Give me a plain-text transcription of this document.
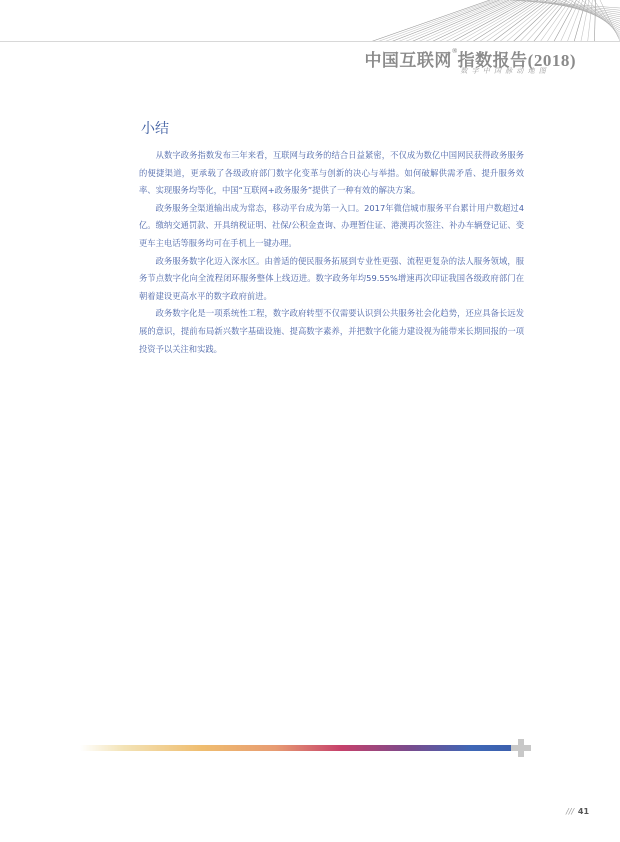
中国互联网®指数报告(2018)
数字中国脉动地图
小结

从数字政务指数发布三年来看，互联网与政务的结合日益紧密，不仅成为数亿中国网民获得政务服务的便捷渠道，更承载了各级政府部门数字化变革与创新的决心与举措。如何破解供需矛盾、提升服务效率、实现服务均等化，中国“互联网+政务服务”提供了一种有效的解决方案。

政务服务全渠道输出成为常态，移动平台成为第一入口。2017年微信城市服务平台累计用户数超过4亿。缴纳交通罚款、开具纳税证明、社保/公积金查询、办理暂住证、港澳再次签注、补办车辆登记证、变更车主电话等服务均可在手机上一键办理。

政务服务数字化迈入深水区。由普适的便民服务拓展到专业性更强、流程更复杂的法人服务领域，服务节点数字化向全流程闭环服务整体上线迈进。数字政务年均59.55%增速再次印证我国各级政府部门在朝着建设更高水平的数字政府前进。

政务数字化是一项系统性工程，数字政府转型不仅需要认识到公共服务社会化趋势，还应具备长远发展的意识，提前布局新兴数字基础设施、提高数字素养，并把数字化能力建设视为能带来长期回报的一项投资予以关注和实践。

/// 41
